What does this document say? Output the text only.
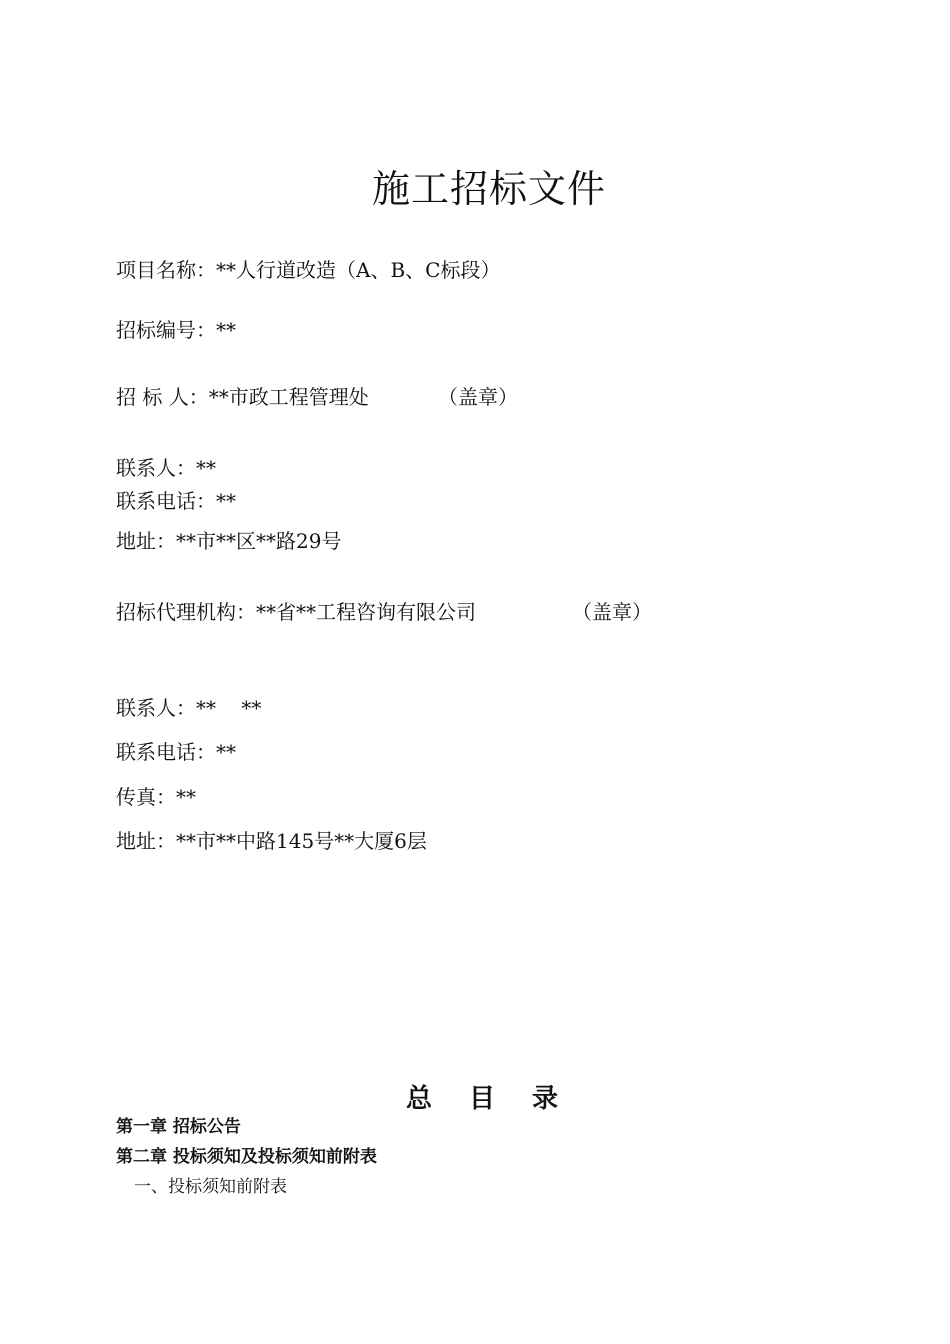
施工招标文件
项目名称：**人行道改造（A、B、C标段）
招标编号：**
招 标 人：**市政工程管理处	（盖章）
联系人：**
联系电话：**
地址：**市**区**路29号
招标代理机构：**省**工程咨询有限公司	（盖章）
联系人：**    **
联系电话：**
传真：**
地址：**市**中路145号**大厦6层
总 目 录
第一章 招标公告
第二章 投标须知及投标须知前附表
一、投标须知前附表
